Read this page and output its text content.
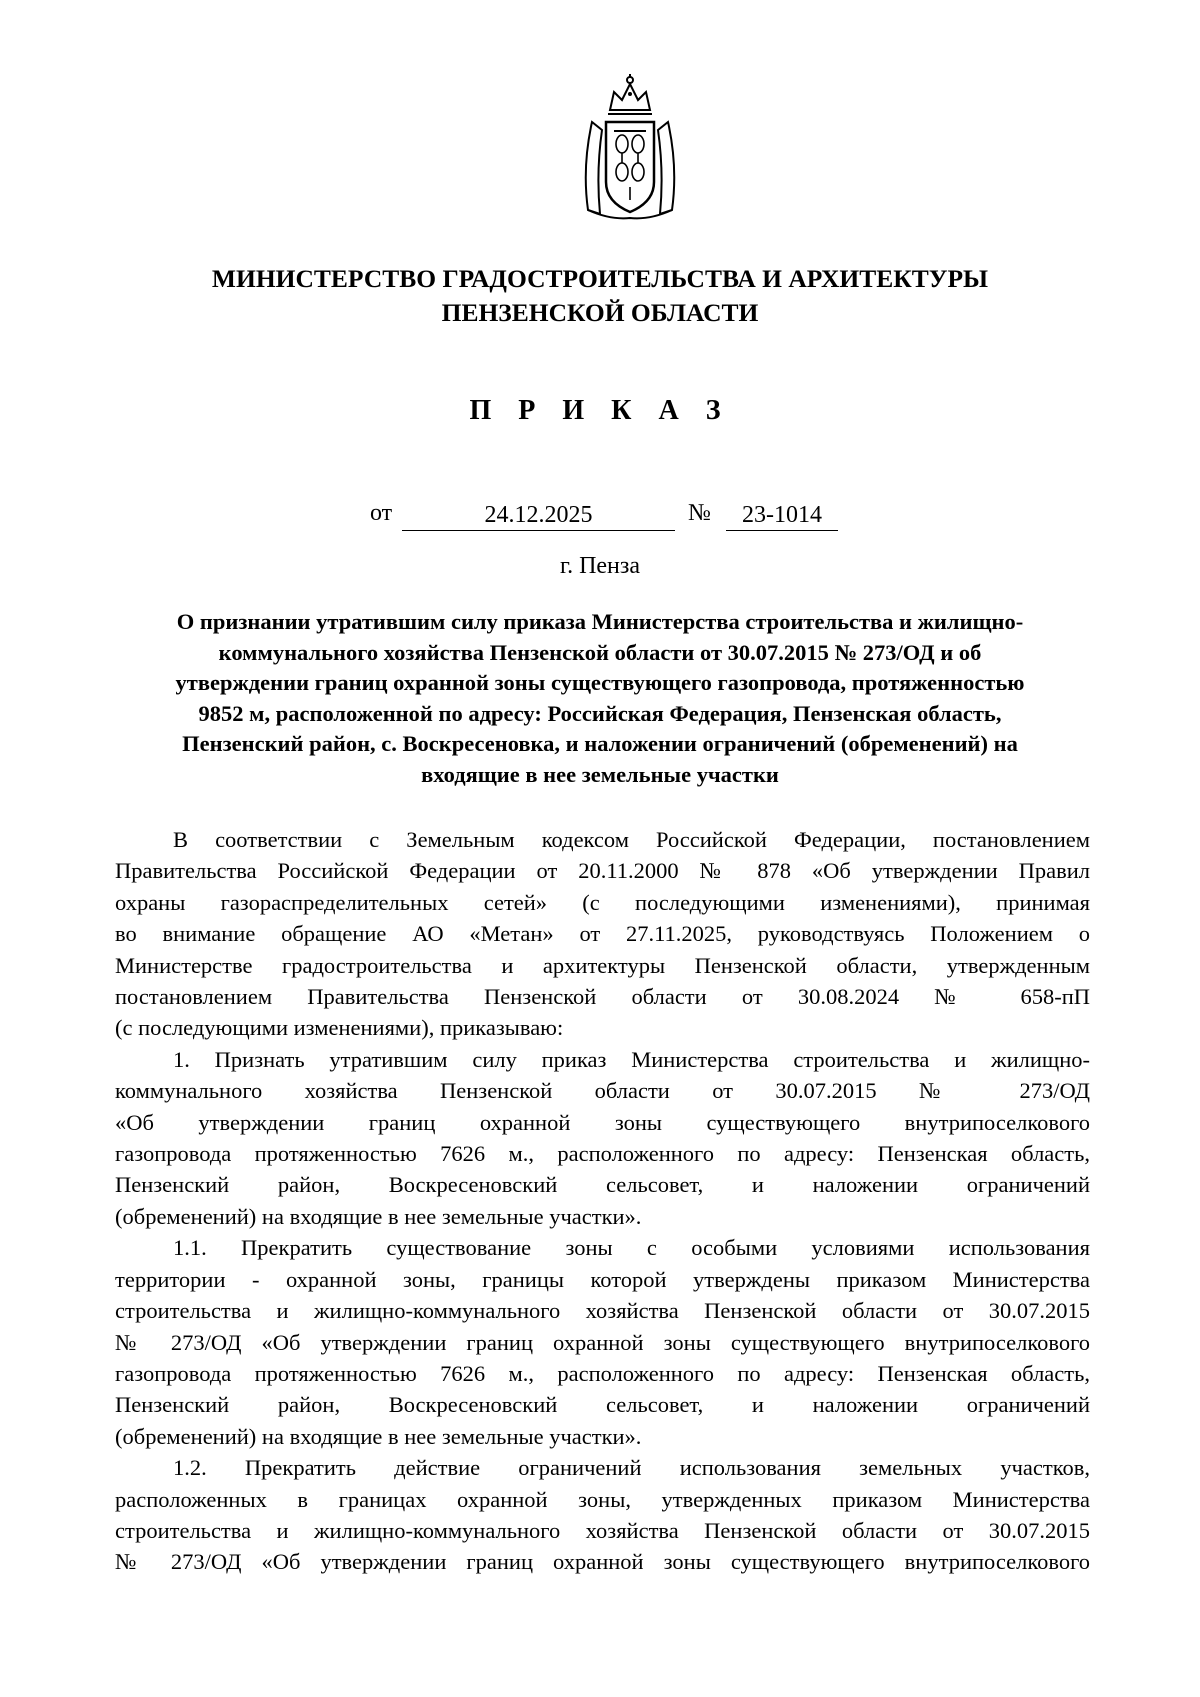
МИНИСТЕРСТВО ГРАДОСТРОИТЕЛЬСТВА И АРХИТЕКТУРЫ
ПЕНЗЕНСКОЙ ОБЛАСТИ
П Р И К А З
от	24.12.2025	№	23-1014
г. Пенза
О признании утратившим силу приказа Министерства строительства и жилищно-
коммунального хозяйства Пензенской области от 30.07.2015 № 273/ОД и об
утверждении границ охранной зоны существующего газопровода, протяженностью
9852 м, расположенной по адресу: Российская Федерация, Пензенская область,
Пензенский район, с. Воскресеновка, и наложении ограничений (обременений) на
входящие в нее земельные участки
В соответствии с Земельным кодексом Российской Федерации, постановлением
Правительства Российской Федерации от 20.11.2000 № 878 «Об утверждении Правил
охраны газораспределительных сетей» (с последующими изменениями), принимая
во внимание обращение АО «Метан» от 27.11.2025, руководствуясь Положением о
Министерстве градостроительства и архитектуры Пензенской области, утвержденным
постановлением Правительства Пензенской области от 30.08.2024 № 658-пП
(с последующими изменениями), приказываю:
1. Признать утратившим силу приказ Министерства строительства и жилищно-
коммунального хозяйства Пензенской области от 30.07.2015 № 273/ОД
«Об утверждении границ охранной зоны существующего внутрипоселкового
газопровода протяженностью 7626 м., расположенного по адресу: Пензенская область,
Пензенский район, Воскресеновский сельсовет, и наложении ограничений
(обременений) на входящие в нее земельные участки».
1.1. Прекратить существование зоны с особыми условиями использования
территории - охранной зоны, границы которой утверждены приказом Министерства
строительства и жилищно-коммунального хозяйства Пензенской области от 30.07.2015
№ 273/ОД «Об утверждении границ охранной зоны существующего внутрипоселкового
газопровода протяженностью 7626 м., расположенного по адресу: Пензенская область,
Пензенский район, Воскресеновский сельсовет, и наложении ограничений
(обременений) на входящие в нее земельные участки».
1.2. Прекратить действие ограничений использования земельных участков,
расположенных в границах охранной зоны, утвержденных приказом Министерства
строительства и жилищно-коммунального хозяйства Пензенской области от 30.07.2015
№ 273/ОД «Об утверждении границ охранной зоны существующего внутрипоселкового
